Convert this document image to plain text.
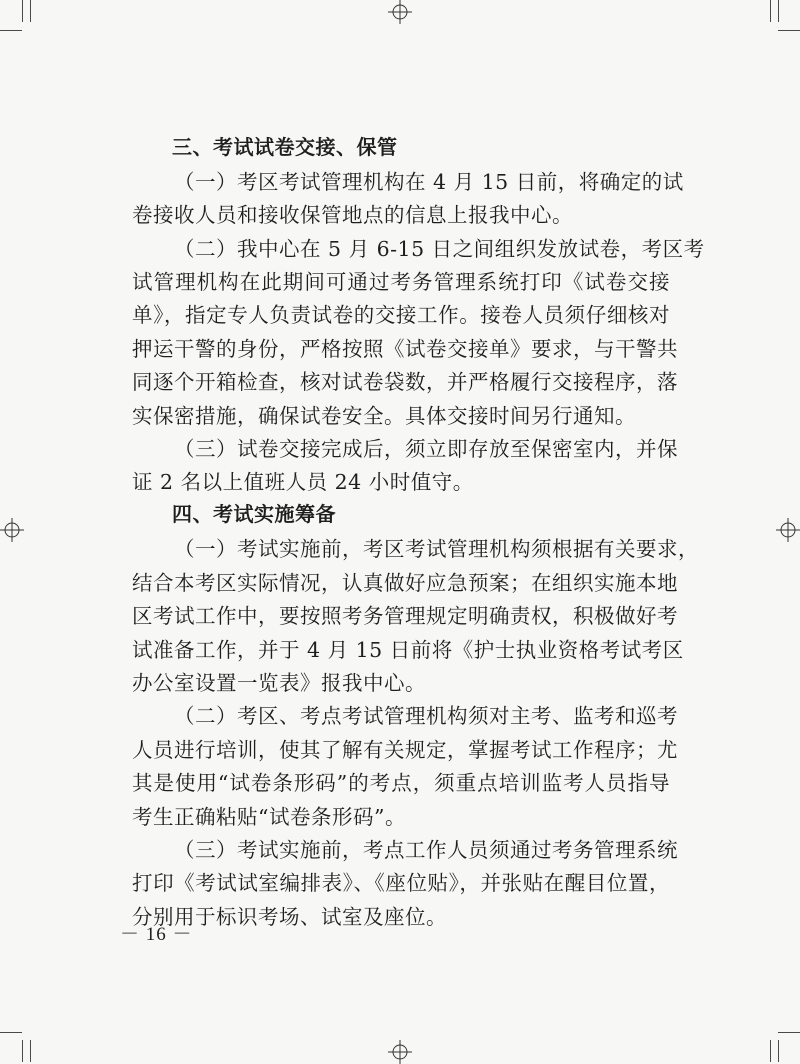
三、考试试卷交接、保管
（一）考区考试管理机构在 4 月 15 日前，将确定的试
卷接收人员和接收保管地点的信息上报我中心。
（二）我中心在 5 月 6-15 日之间组织发放试卷，考区考
试管理机构在此期间可通过考务管理系统打印《试卷交接
单》，指定专人负责试卷的交接工作。接卷人员须仔细核对
押运干警的身份，严格按照《试卷交接单》要求，与干警共
同逐个开箱检查，核对试卷袋数，并严格履行交接程序，落
实保密措施，确保试卷安全。具体交接时间另行通知。
（三）试卷交接完成后，须立即存放至保密室内，并保
证 2 名以上值班人员 24 小时值守。
四、考试实施筹备
（一）考试实施前，考区考试管理机构须根据有关要求，
结合本考区实际情况，认真做好应急预案；在组织实施本地
区考试工作中，要按照考务管理规定明确责权，积极做好考
试准备工作，并于 4 月 15 日前将《护士执业资格考试考区
办公室设置一览表》报我中心。
（二）考区、考点考试管理机构须对主考、监考和巡考
人员进行培训，使其了解有关规定，掌握考试工作程序；尤
其是使用“试卷条形码”的考点，须重点培训监考人员指导
考生正确粘贴“试卷条形码”。
（三）考试实施前，考点工作人员须通过考务管理系统
打印《考试试室编排表》、《座位贴》，并张贴在醒目位置，
分别用于标识考场、试室及座位。
－ 16 －
